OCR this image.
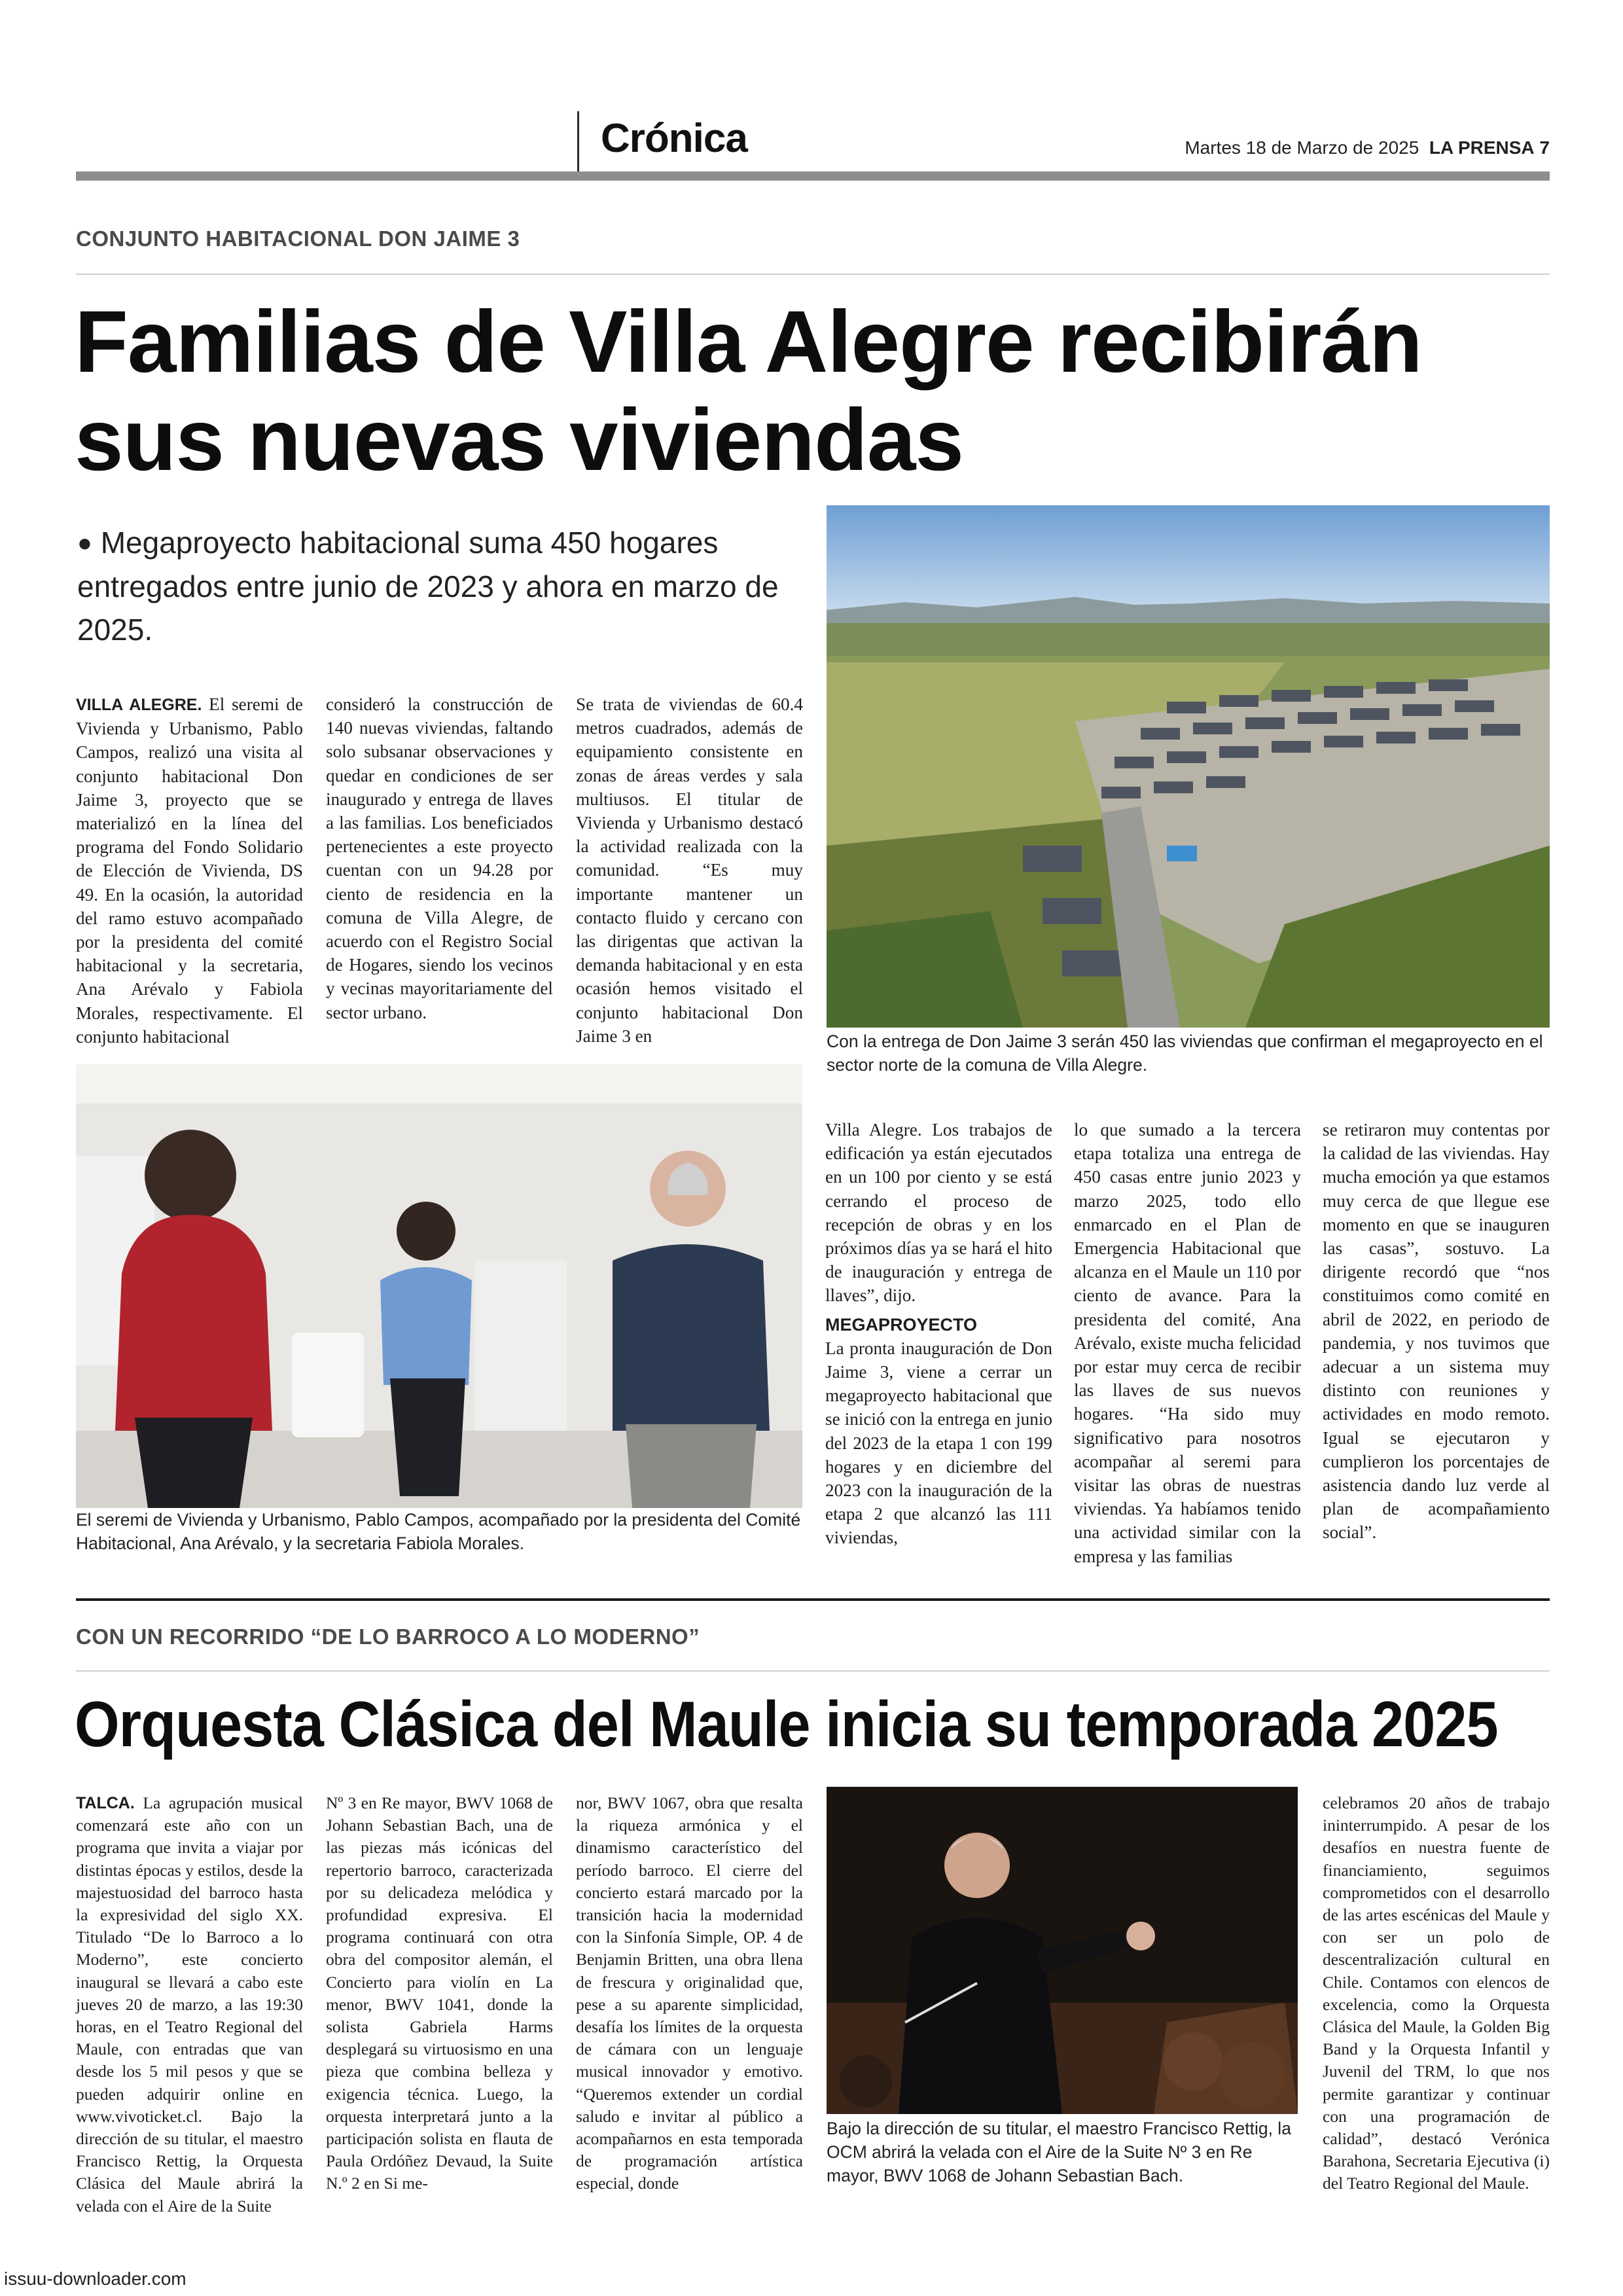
Crónica	Martes 18 de Marzo de 2025 LA PRENSA 7
CONJUNTO HABITACIONAL DON JAIME 3
Familias de Villa Alegre recibirán
sus nuevas viviendas
● Megaproyecto habitacional suma 450 hogares entregados entre junio de 2023 y ahora en marzo de 2025.
VILLA ALEGRE. El seremi de Vivienda y Urbanismo, Pablo Campos, realizó una visita al conjunto habitacional Don Jaime 3, proyecto que se materializó en la línea del programa del Fondo Solidario de Elección de Vivienda, DS 49. En la ocasión, la autoridad del ramo estuvo acompañado por la presidenta del comité habitacional y la secretaria, Ana Arévalo y Fabiola Morales, respectivamente. El conjunto habitacional
consideró la construcción de 140 nuevas viviendas, faltando solo subsanar observaciones y quedar en condiciones de ser inaugurado y entrega de llaves a las familias. Los beneficiados pertenecientes a este proyecto cuentan con un 94.28 por ciento de residencia en la comuna de Villa Alegre, de acuerdo con el Registro Social de Hogares, siendo los vecinos y vecinas mayoritariamente del sector urbano.
Se trata de viviendas de 60.4 metros cuadrados, además de equipamiento consistente en zonas de áreas verdes y sala multiusos. El titular de Vivienda y Urbanismo destacó la actividad realizada con la comunidad. “Es muy importante mantener un contacto fluido y cercano con las dirigentas que activan la demanda habitacional y en esta ocasión hemos visitado el conjunto habitacional Don Jaime 3 en	Con la entrega de Don Jaime 3 serán 450 las viviendas que confirman el megaproyecto en el sector norte de la comuna de Villa Alegre.
El seremi de Vivienda y Urbanismo, Pablo Campos, acompañado por la presidenta del Comité Habitacional, Ana Arévalo, y la secretaria Fabiola Morales.
Villa Alegre. Los trabajos de edificación ya están ejecutados en un 100 por ciento y se está cerrando el proceso de recepción de obras y en los próximos días ya se hará el hito de inauguración y entrega de llaves”, dijo.
MEGAPROYECTO
La pronta inauguración de Don Jaime 3, viene a cerrar un megaproyecto habitacional que se inició con la entrega en junio del 2023 de la etapa 1 con 199 hogares y en diciembre del 2023 con la inauguración de la etapa 2 que alcanzó las 111 viviendas,
lo que sumado a la tercera etapa totaliza una entrega de 450 casas entre junio 2023 y marzo 2025, todo ello enmarcado en el Plan de Emergencia Habitacional que alcanza en el Maule un 110 por ciento de avance. Para la presidenta del comité, Ana Arévalo, existe mucha felicidad por estar muy cerca de recibir las llaves de sus nuevos hogares. “Ha sido muy significativo para nosotros acompañar al seremi para visitar las obras de nuestras viviendas. Ya habíamos tenido una actividad similar con la empresa y las familias
se retiraron muy contentas por la calidad de las viviendas. Hay mucha emoción ya que estamos muy cerca de que llegue ese momento en que se inauguren las casas”, sostuvo. La dirigente recordó que “nos constituimos como comité en abril de 2022, en periodo de pandemia, y nos tuvimos que adecuar a un sistema muy distinto con reuniones y actividades en modo remoto. Igual se ejecutaron y cumplieron los porcentajes de asistencia dando luz verde al plan de acompañamiento social”.
CON UN RECORRIDO “DE LO BARROCO A LO MODERNO”
Orquesta Clásica del Maule inicia su temporada 2025
TALCA. La agrupación musical comenzará este año con un programa que invita a viajar por distintas épocas y estilos, desde la majestuosidad del barroco hasta la expresividad del siglo XX. Titulado “De lo Barroco a lo Moderno”, este concierto inaugural se llevará a cabo este jueves 20 de marzo, a las 19:30 horas, en el Teatro Regional del Maule, con entradas que van desde los 5 mil pesos y que se pueden adquirir online en www.vivoticket.cl. Bajo la dirección de su titular, el maestro Francisco Rettig, la Orquesta Clásica del Maule abrirá la velada con el Aire de la Suite
Nº 3 en Re mayor, BWV 1068 de Johann Sebastian Bach, una de las piezas más icónicas del repertorio barroco, caracterizada por su delicadeza melódica y profundidad expresiva. El programa continuará con otra obra del compositor alemán, el Concierto para violín en La menor, BWV 1041, donde la solista Gabriela Harms desplegará su virtuosismo en una pieza que combina belleza y exigencia técnica. Luego, la orquesta interpretará junto a la participación solista en flauta de Paula Ordóñez Devaud, la Suite N.º 2 en Si me-
nor, BWV 1067, obra que resalta la riqueza armónica y el dinamismo característico del período barroco. El cierre del concierto estará marcado por la transición hacia la modernidad con la Sinfonía Simple, OP. 4 de Benjamin Britten, una obra llena de frescura y originalidad que, pese a su aparente simplicidad, desafía los límites de la orquesta de cámara con un lenguaje musical innovador y emotivo. “Queremos extender un cordial saludo e invitar al público a acompañarnos en esta temporada de programación artística especial, donde
Bajo la dirección de su titular, el maestro Francisco Rettig, la OCM abrirá la velada con el Aire de la Suite Nº 3 en Re mayor, BWV 1068 de Johann Sebastian Bach.
celebramos 20 años de trabajo ininterrumpido. A pesar de los desafíos en nuestra fuente de financiamiento, seguimos comprometidos con el desarrollo de las artes escénicas del Maule y con ser un polo de descentralización cultural en Chile. Contamos con elencos de excelencia, como la Orquesta Clásica del Maule, la Golden Big Band y la Orquesta Infantil y Juvenil del TRM, lo que nos permite garantizar y continuar con una programación de calidad”, destacó Verónica Barahona, Secretaria Ejecutiva (i) del Teatro Regional del Maule.
issuu-downloader.com
